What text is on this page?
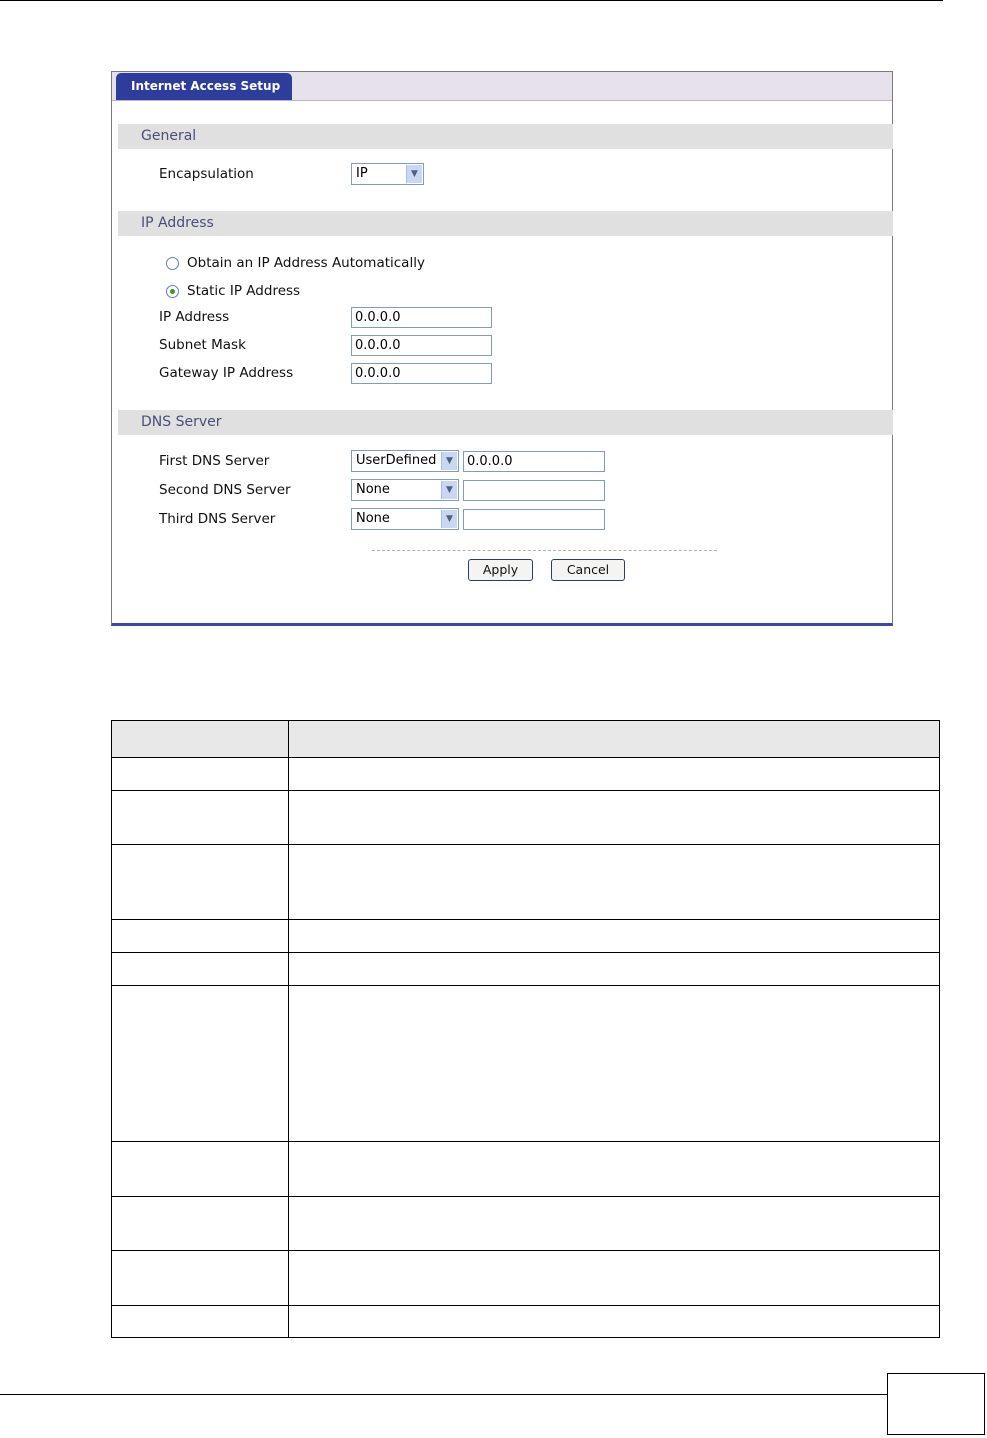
Internet Access Setup
General
Encapsulation	IP	▼
IP Address
Obtain an IP Address Automatically
Static IP Address
IP Address	0.0.0.0
Subnet Mask	0.0.0.0
Gateway IP Address	0.0.0.0
DNS Server
First DNS Server	UserDefined	▼	0.0.0.0
Second DNS Server	None	▼
Third DNS Server	None	▼
Apply	Cancel
